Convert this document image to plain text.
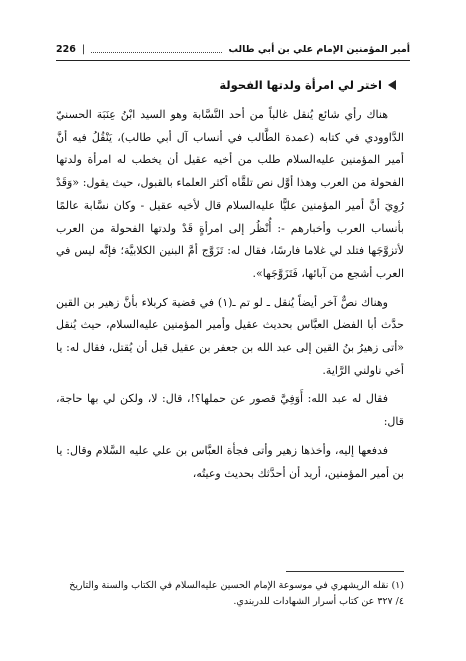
226 |	أمير المؤمنين الإمام علي بن أبي طالب
اختر لي امرأة ولدتها الفحولة

هناك رأي شائع يُنقل غالباً من أحد النَّسَّابة وهو السيد ابْنُ عِنَبَة الحسنيّ الدَّاوودي في كتابه (عمدة الطَّالب في أنساب آل أبي طالب)، يَنْقُلُ فيه أنَّ أمير المؤمنين عليه‌السلام طلب من أخيه عقيل أن يخطب له امرأة ولدتها الفحولة من العرب وهذا أوَّل نص تلقَّاه أكثر العلماء بالقبول، حيث يقول: «وَقَدْ رُوِيَ أنَّ أمير المؤمنين عليًّا عليه‌السلام قال لأخيه عقيل - وكان نسَّابة عالمًا بأنساب العرب وأخبارهم -: أُنْظُر إلى امرأةٍ قَدْ ولدتها الفحولة من العرب لأتزوَّجَها فتلد لي غلاما فارسًا، فقال له: تَزَوَّج أمَّ البنين الكلابيَّة؛ فإنَّه ليس في العرب أشجع من آبائها، فَتَزَوَّجَها».

وهناك نصٌّ آخر أيضاً يُنقل ـ لو تم ـ(١) في قضية كربلاء بأنَّ زهير بن القين حدَّث أبا الفضل العبَّاس بحديث عقيل وأمير المؤمنين عليه‌السلام، حيث يُنقل «أتى زهيرُ بنُ القين إلى عبد الله بن جعفر بن عقيل قبل أن يُقتل، فقال له: يا أخي ناولني الرَّاية.

فقال له عبد الله: أَوَفِيَّ قصور عن حملها؟!، قال: لا، ولكن لي بها حاجة، قال:

فدفعها إليه، وأخذها زهير وأتى فجأة العبَّاس بن علي عليه السَّلام وقال: يا بن أمير المؤمنين، أريد أن أحدَّثك بحديث وعيتُه،

(١) نقله الريشهري في موسوعة الإمام الحسين عليه‌السلام في الكتاب والسنة والتاريخ

٤/ ٣٢٧ عن كتاب أسرار الشهادات للدربندي.
